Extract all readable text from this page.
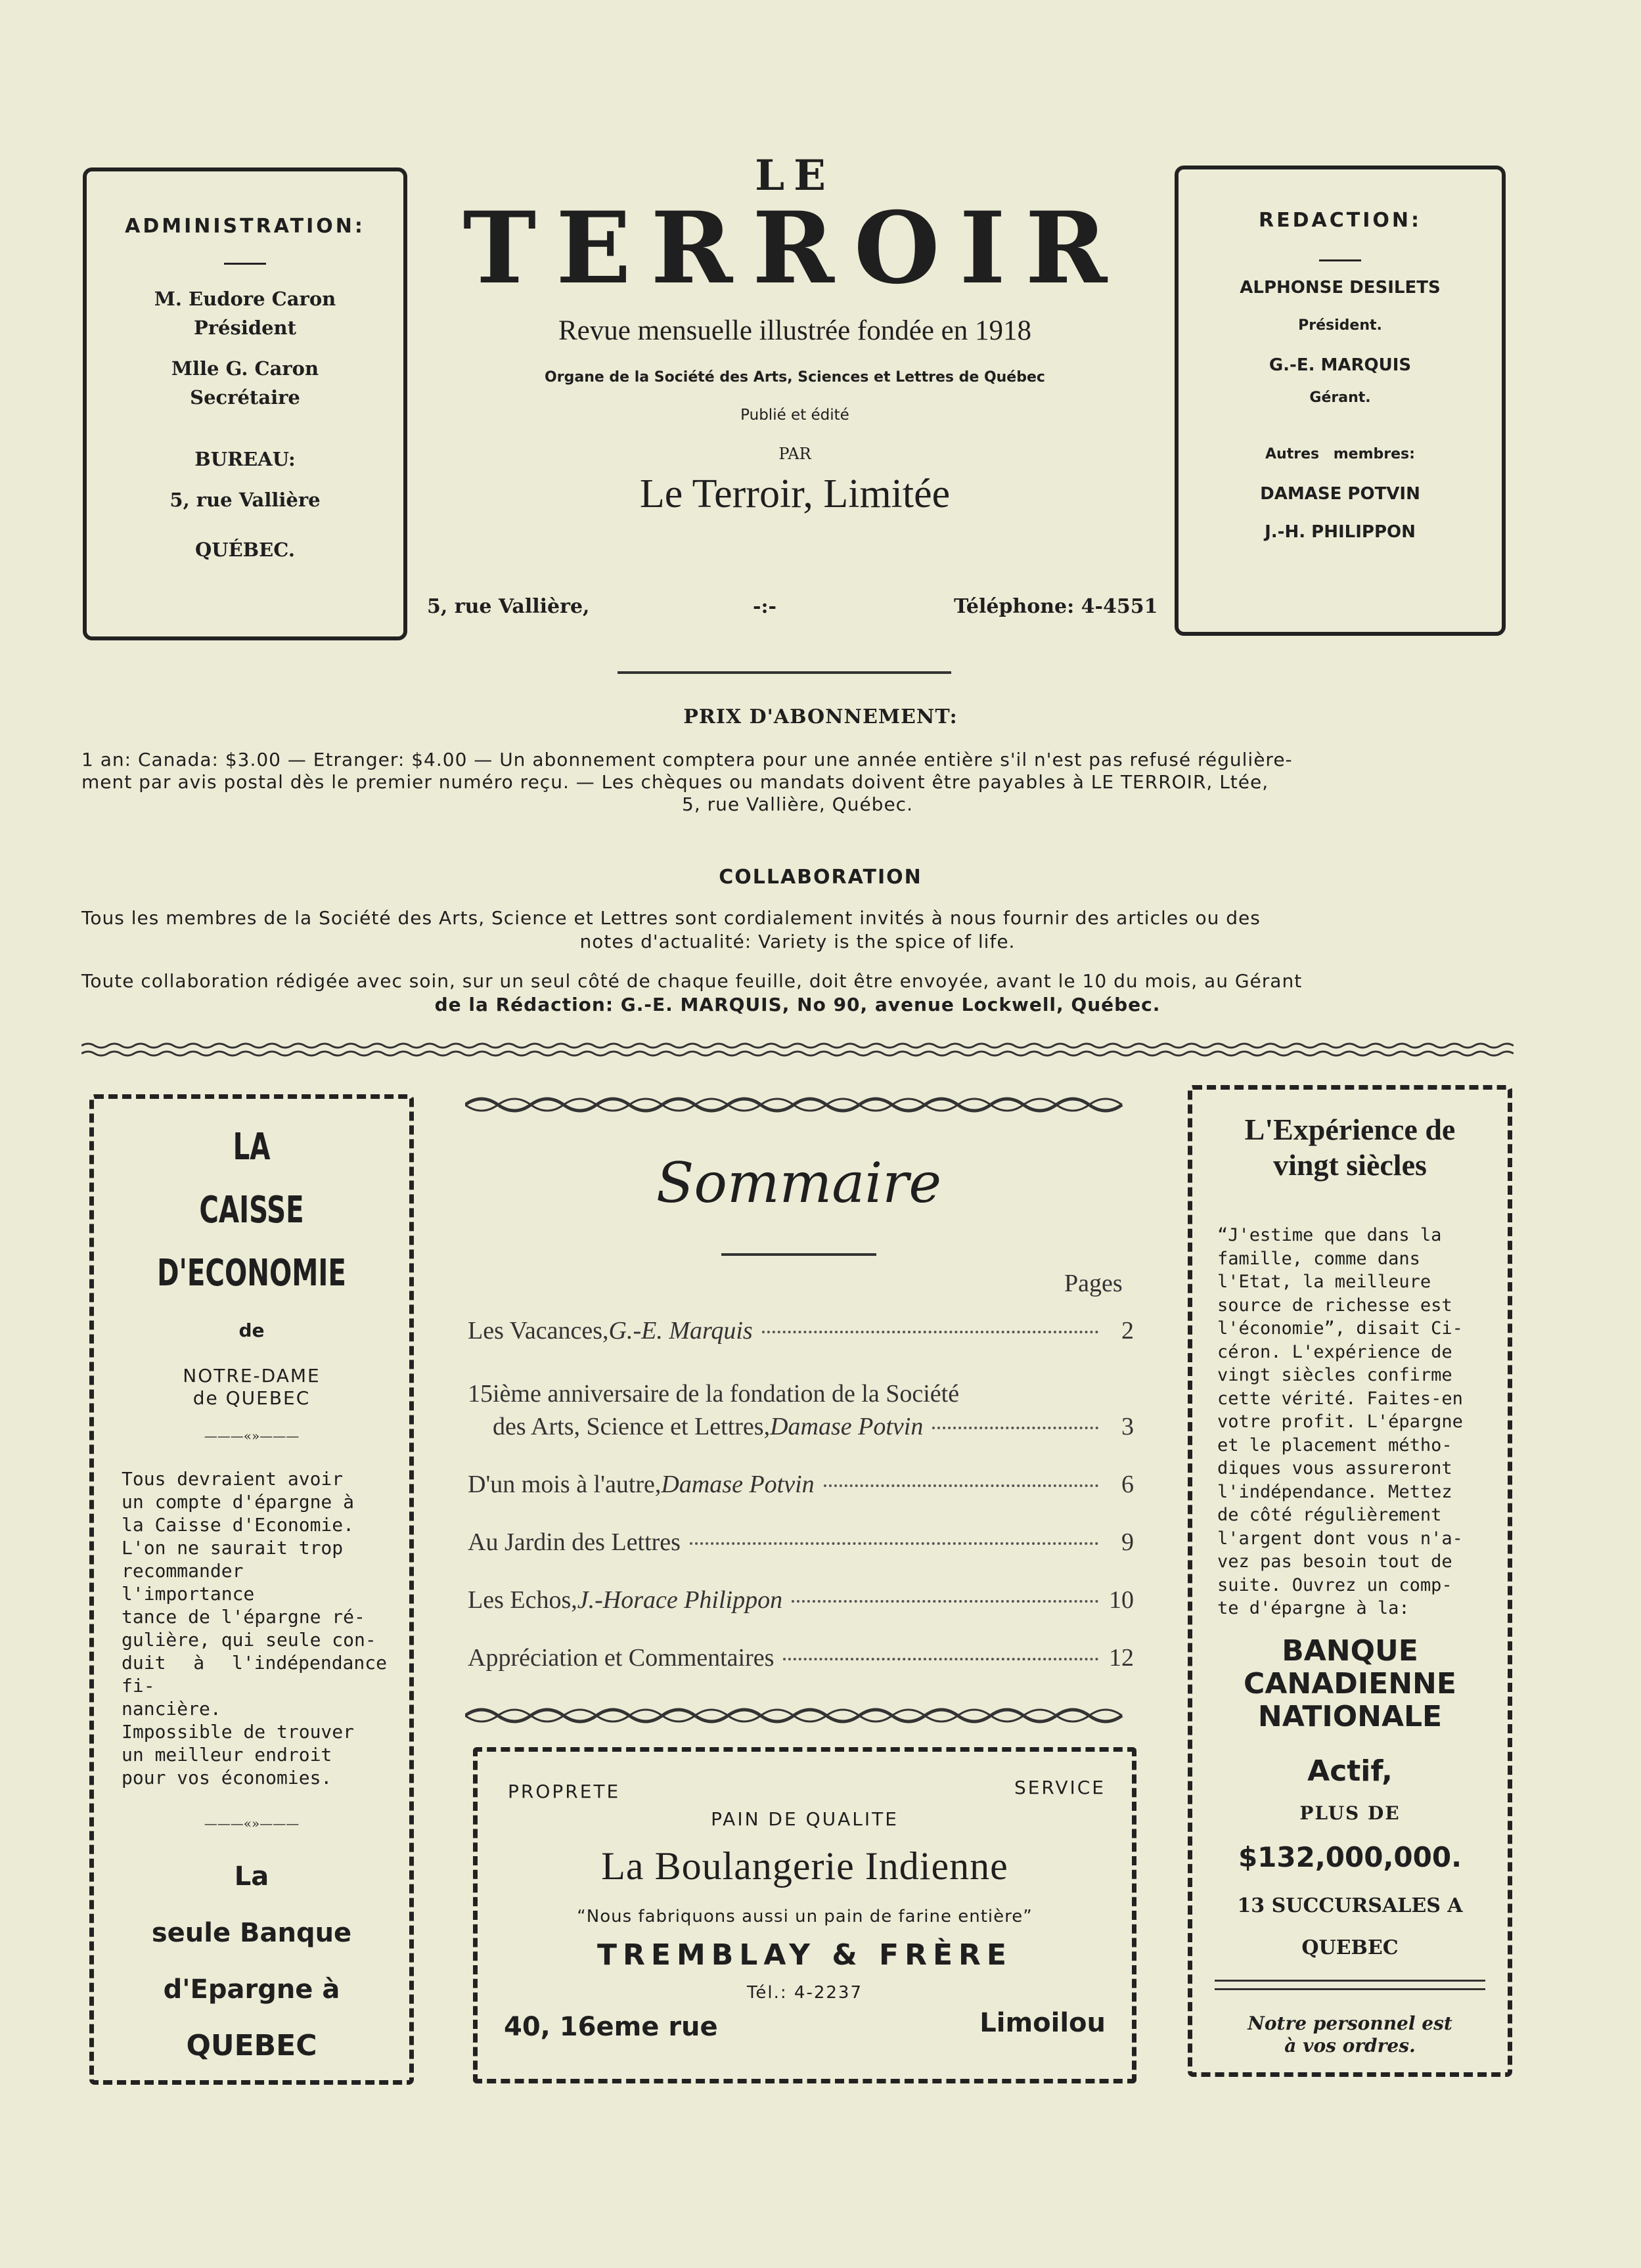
ADMINISTRATION:
M. Eudore Caron
Président
Mlle G. Caron
Secrétaire
BUREAU:
5, rue Vallière
QUÉBEC.
LE
TERROIR
Revue mensuelle illustrée fondée en 1918
Organe de la Société des Arts, Sciences et Lettres de Québec
Publié et édité
PAR
Le Terroir, Limitée
5, rue Vallière,	-:-	Téléphone: 4-4551
REDACTION:
ALPHONSE DESILETS
Président.
G.-E. MARQUIS
Gérant.
Autres membres:
DAMASE POTVIN
J.-H. PHILIPPON
PRIX D'ABONNEMENT:
1 an: Canada: $3.00 — Etranger: $4.00 — Un abonnement comptera pour une année entière s'il n'est pas refusé régulière-
ment par avis postal dès le premier numéro reçu. — Les chèques ou mandats doivent être payables à LE TERROIR, Ltée,
5, rue Vallière, Québec.
COLLABORATION
Tous les membres de la Société des Arts, Science et Lettres sont cordialement invités à nous fournir des articles ou des
notes d'actualité: Variety is the spice of life.
Toute collaboration rédigée avec soin, sur un seul côté de chaque feuille, doit être envoyée, avant le 10 du mois, au Gérant
de la Rédaction: G.-E. MARQUIS, No 90, avenue Lockwell, Québec.
LA
CAISSE
D'ECONOMIE
de
NOTRE-DAME
de QUEBEC
———«»———
Tous devraient avoir
un compte d'épargne à
la Caisse d'Economie.
L'on ne saurait trop
recommander l'importance
tance de l'épargne ré-
gulière, qui seule con-
duit à l'indépendance fi-
nancière.
Impossible de trouver
un meilleur endroit
pour vos économies.
———«»———
La
seule Banque
d'Epargne à
QUEBEC
Sommaire
Pages
Les Vacances, G.-E. Marquis	2
15ième anniversaire de la fondation de la Société
des Arts, Science et Lettres, Damase Potvin	3
D'un mois à l'autre, Damase Potvin	6
Au Jardin des Lettres	9
Les Echos, J.-Horace Philippon	10
Appréciation et Commentaires	12
PROPRETE	SERVICE
PAIN DE QUALITE
La Boulangerie Indienne
“Nous fabriquons aussi un pain de farine entière”
TREMBLAY & FRÈRE
Tél.: 4-2237
40, 16eme rue	Limoilou
L'Expérience de
vingt siècles
“J'estime que dans la
famille, comme dans
l'Etat, la meilleure
source de richesse est
l'économie”, disait Ci-
céron. L'expérience de
vingt siècles confirme
cette vérité. Faites-en
votre profit. L'épargne
et le placement métho-
diques vous assureront
l'indépendance. Mettez
de côté régulièrement
l'argent dont vous n'a-
vez pas besoin tout de
suite. Ouvrez un comp-
te d'épargne à la:
BANQUE
CANADIENNE
NATIONALE
Actif,
PLUS DE
$132,000,000.
13 SUCCURSALES A
QUEBEC
Notre personnel est
à vos ordres.
